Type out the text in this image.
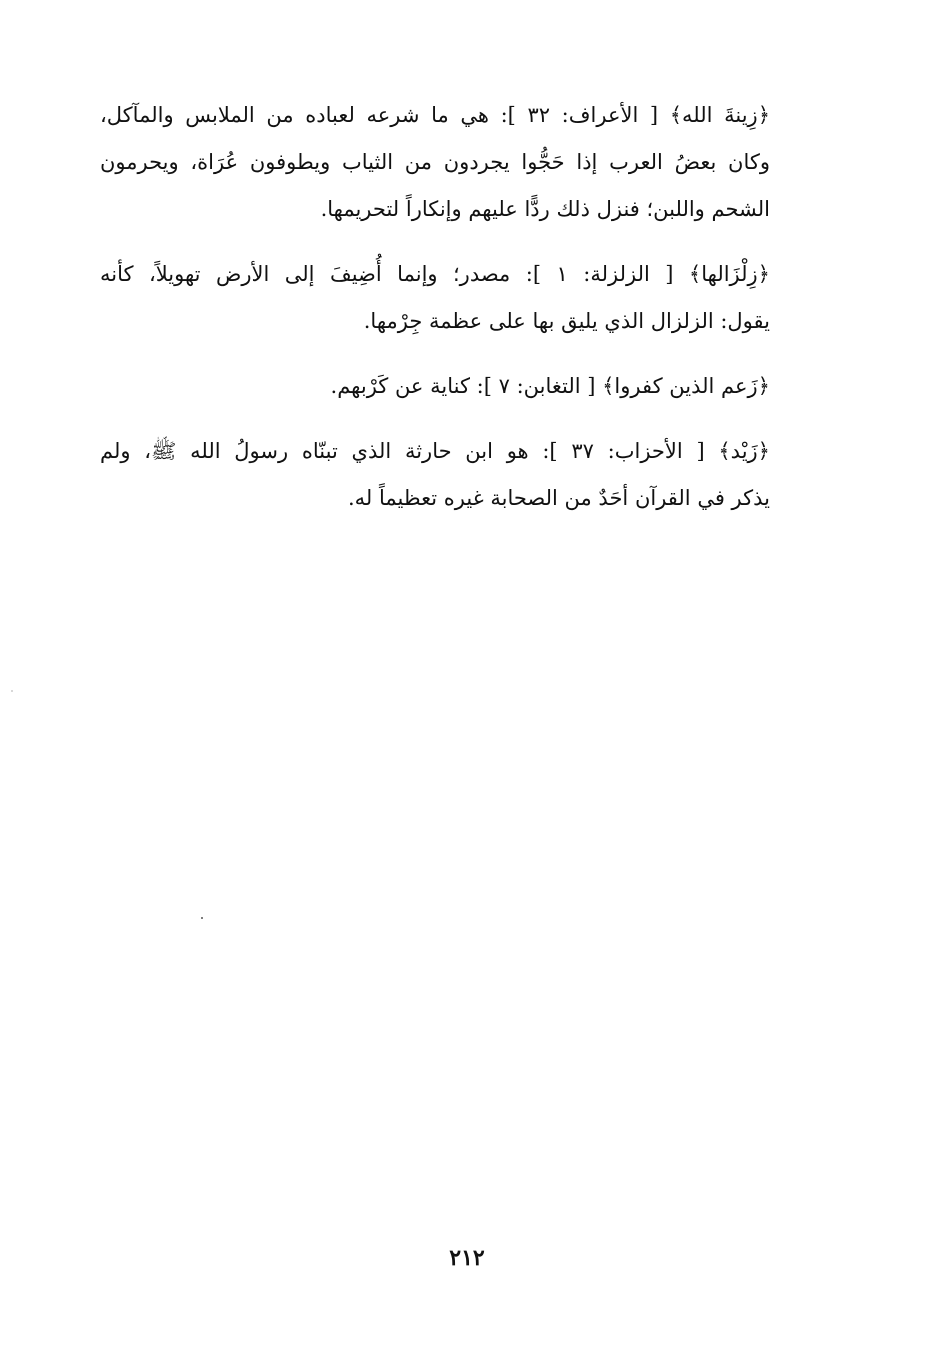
﴿زِينةَ الله﴾ [ الأعراف: ٣٢ ]: هي ما شرعه لعباده من الملابس والمآكل،
وكان بعضُ العرب إذا حَجُّوا يجردون من الثياب ويطوفون عُرَاة، ويحرمون
الشحم واللبن؛ فنزل ذلك ردًّا عليهم وإنكاراً لتحريمها.
﴿زِلْزَالها﴾ [ الزلزلة: ١ ]: مصدر؛ وإنما أُضِيفَ إلى الأرض تهويلاً، كأنه
يقول: الزلزال الذي يليق بها على عظمة جِرْمها.
﴿زَعم الذين كفروا﴾ [ التغابن: ٧ ]: كناية عن كَرْبهم.
﴿زَيْد﴾ [ الأحزاب: ٣٧ ]: هو ابن حارثة الذي تبنّاه رسولُ الله ﷺ، ولم
يذكر في القرآن أحَدٌ من الصحابة غيره تعظيماً له.
٢١٢
